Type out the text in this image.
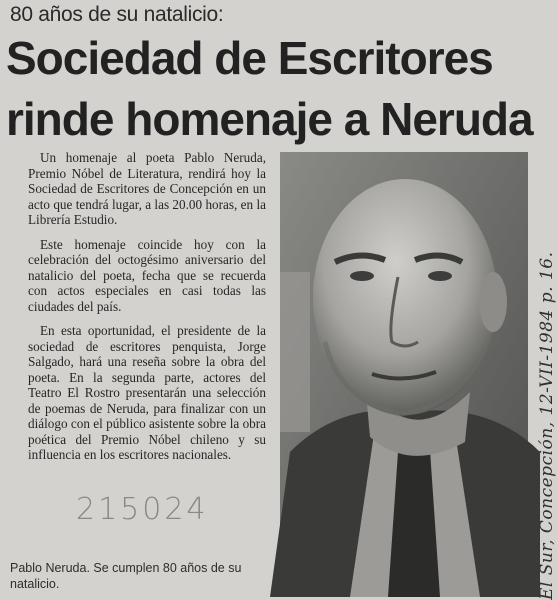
80 años de su natalicio:
Sociedad de Escritores
rinde homenaje a Neruda

Un homenaje al poeta Pablo Neruda, Premio Nóbel de Literatura, rendirá hoy la Sociedad de Escritores de Concepción en un acto que tendrá lugar, a las 20.00 horas, en la Librería Estudio.

Este homenaje coincide hoy con la celebración del octogésimo aniversario del natalicio del poeta, fecha que se recuerda con actos especiales en casi todas las ciudades del país.

En esta oportunidad, el presidente de la sociedad de escritores penquista, Jorge Salgado, hará una reseña sobre la obra del poeta. En la segunda parte, actores del Teatro El Rostro presentarán una selección de poemas de Neruda, para finalizar con un diálogo con el público asistente sobre la obra poética del Premio Nóbel chileno y su influencia en los escritores nacionales.

215024
Pablo Neruda. Se cumplen 80 años de su natalicio.	El Sur, Concepción, 12-VII-1984 p. 16.
